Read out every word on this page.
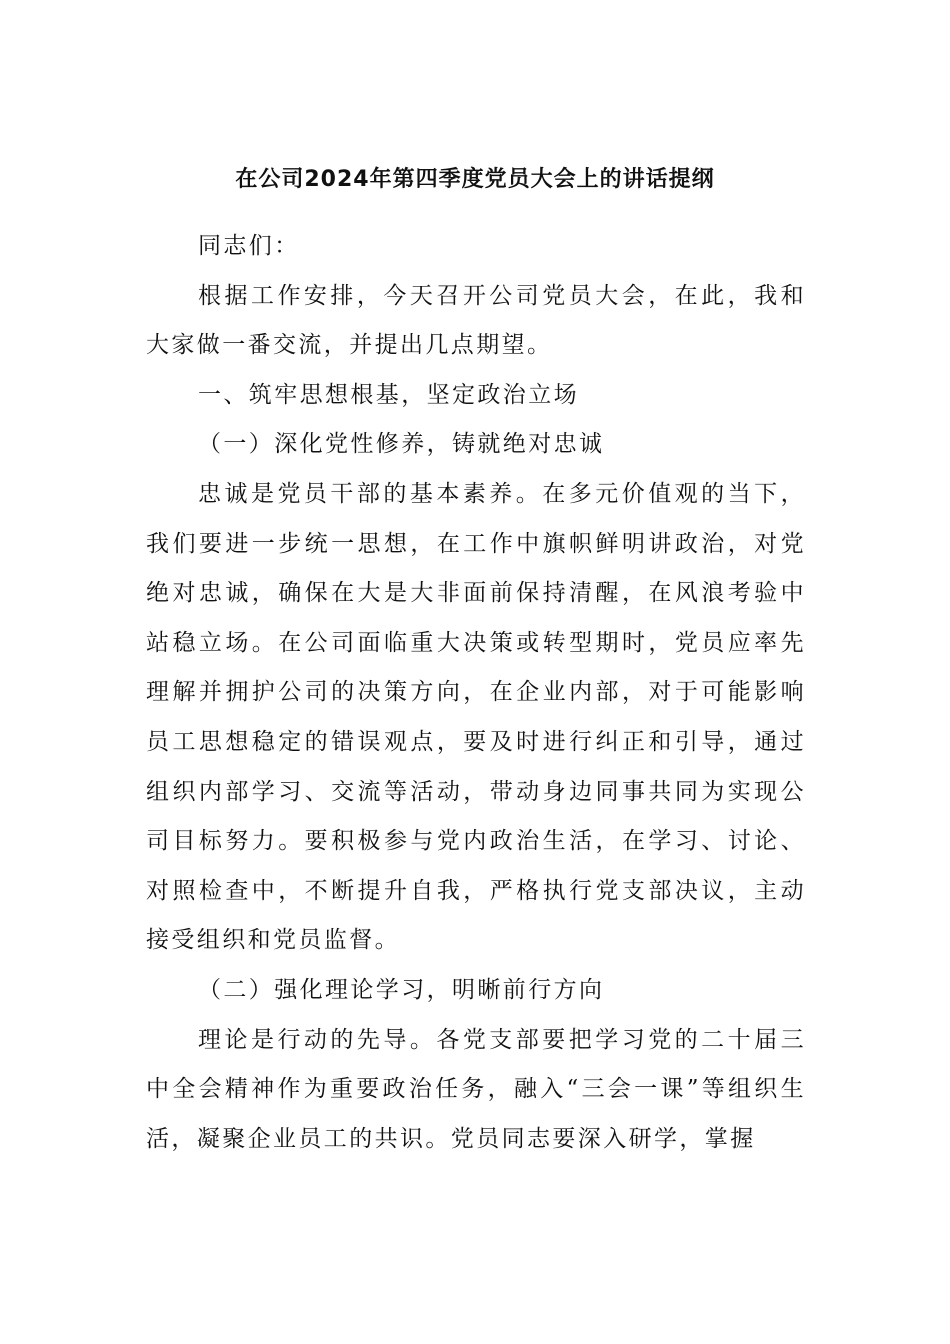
在公司2024年第四季度党员大会上的讲话提纲

同志们：

根据工作安排，今天召开公司党员大会，在此，我和大家做一番交流，并提出几点期望。

一、筑牢思想根基，坚定政治立场

（一）深化党性修养，铸就绝对忠诚

忠诚是党员干部的基本素养。在多元价值观的当下，我们要进一步统一思想，在工作中旗帜鲜明讲政治，对党绝对忠诚，确保在大是大非面前保持清醒，在风浪考验中站稳立场。在公司面临重大决策或转型期时，党员应率先理解并拥护公司的决策方向，在企业内部，对于可能影响员工思想稳定的错误观点，要及时进行纠正和引导，通过组织内部学习、交流等活动，带动身边同事共同为实现公司目标努力。要积极参与党内政治生活，在学习、讨论、对照检查中，不断提升自我，严格执行党支部决议，主动接受组织和党员监督。

（二）强化理论学习，明晰前行方向

理论是行动的先导。各党支部要把学习党的二十届三中全会精神作为重要政治任务，融入“三会一课”等组织生活，凝聚企业员工的共识。党员同志要深入研学，掌握
